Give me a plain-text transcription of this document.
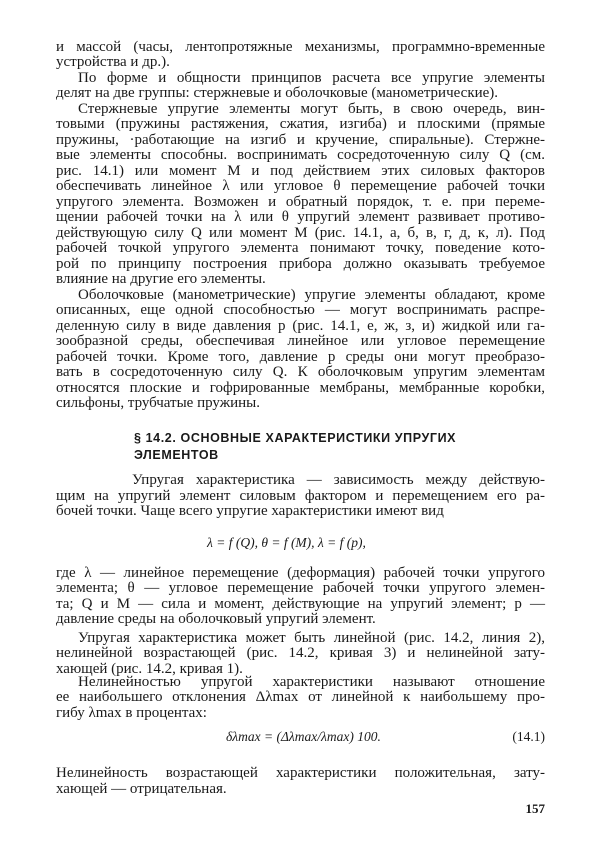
§ 14.2. ОСНОВНЫЕ ХАРАКТЕРИСТИКИ УПРУГИХ
ЭЛЕМЕНТОВ
λ = f (Q), θ = f (M), λ = f (p),
δλmax = (Δλmax/λmax) 100.	(14.1)
157
и массой (часы, лентопротяжные механизмы, программно-временные
устройства и др.).
По форме и общности принципов расчета все упругие элементы
делят на две группы: стержневые и оболочковые (манометрические).
Стержневые упругие элементы могут быть, в свою очередь, вин-
товыми (пружины растяжения, сжатия, изгиба) и плоскими (прямые
пружины, ·работающие на изгиб и кручение, спиральные). Стержне-
вые элементы способны. воспринимать сосредоточенную силу Q (см.
рис. 14.1) или момент M и под действием этих силовых факторов
обеспечивать линейное λ или угловое θ перемещение рабочей точки
упругого элемента. Возможен и обратный порядок, т. е. при переме-
щении рабочей точки на λ или θ упругий элемент развивает противо-
действующую силу Q или момент M (рис. 14.1, а, б, в, г, д, к, л). Под
рабочей точкой упругого элемента понимают точку, поведение кото-
рой по принципу построения прибора должно оказывать требуемое
влияние на другие его элементы.
Оболочковые (манометрические) упругие элементы обладают, кроме
описанных, еще одной способностью — могут воспринимать распре-
деленную силу в виде давления p (рис. 14.1, е, ж, з, и) жидкой или га-
зообразной среды, обеспечивая линейное или угловое перемещение
рабочей точки. Кроме того, давление p среды они могут преобразо-
вать в сосредоточенную силу Q. К оболочковым упругим элементам
относятся плоские и гофрированные мембраны, мембранные коробки,
сильфоны, трубчатые пружины.
Упругая характеристика — зависимость между действую-
щим на упругий элемент силовым фактором и перемещением его ра-
бочей точки. Чаще всего упругие характеристики имеют вид
где λ — линейное перемещение (деформация) рабочей точки упругого
элемента; θ — угловое перемещение рабочей точки упругого элемен-
та; Q и M — сила и момент, действующие на упругий элемент; p —
давление среды на оболочковый упругий элемент.
Упругая характеристика может быть линейной (рис. 14.2, линия 2),
нелинейной возрастающей (рис. 14.2, кривая 3) и нелинейной зату-
хающей (рис. 14.2, кривая 1).
Нелинейностью упругой характеристики называют отношение
ее наибольшего отклонения Δλmax от линейной к наибольшему про-
гибу λmax в процентах:
Нелинейность возрастающей характеристики положительная, зату-
хающей — отрицательная.
